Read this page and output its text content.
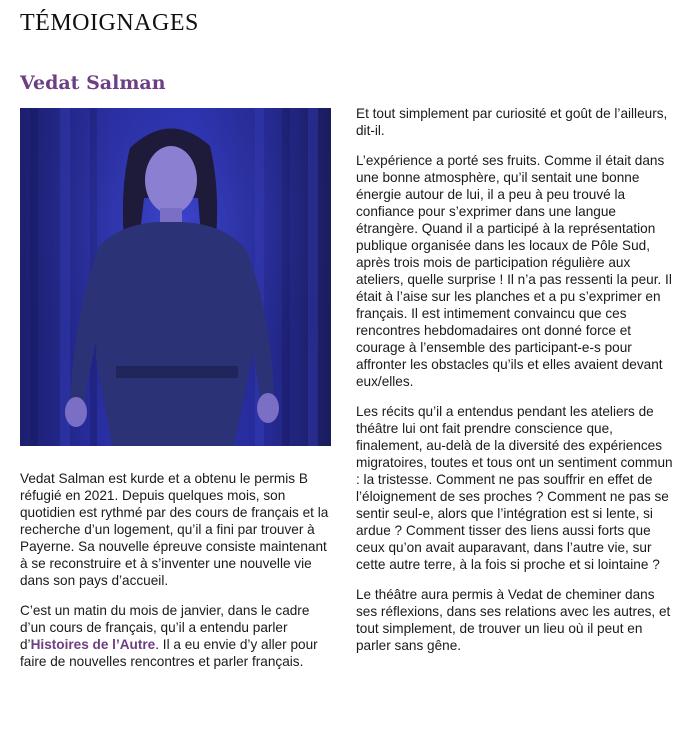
TÉMOIGNAGES
Vedat Salman

Vedat Salman est kurde et a obtenu le permis B réfugié en 2021. Depuis quelques mois, son quotidien est rythmé par des cours de français et la recherche d’un logement, qu’il a fini par trouver à Payerne. Sa nouvelle épreuve consiste maintenant à se reconstruire et à s’inventer une nouvelle vie dans son pays d’accueil.

C’est un matin du mois de janvier, dans le cadre d’un cours de français, qu’il a entendu parler d’Histoires de l’Autre. Il a eu envie d’y aller pour faire de nouvelles rencontres et parler français.

Et tout simplement par curiosité et goût de l’ailleurs, dit-il.

L’expérience a porté ses fruits. Comme il était dans une bonne atmosphère, qu’il sentait une bonne énergie autour de lui, il a peu à peu trouvé la confiance pour s’exprimer dans une langue étrangère. Quand il a participé à la représentation publique organisée dans les locaux de Pôle Sud, après trois mois de participation régulière aux ateliers, quelle surprise ! Il n’a pas ressenti la peur. Il était à l’aise sur les planches et a pu s’exprimer en français. Il est intimement convaincu que ces rencontres hebdomadaires ont donné force et courage à l’ensemble des participant-e-s pour affronter les obstacles qu’ils et elles avaient devant eux/elles.

Les récits qu’il a entendus pendant les ateliers de théâtre lui ont fait prendre conscience que, finalement, au-delà de la diversité des expériences migratoires, toutes et tous ont un sentiment commun : la tristesse. Comment ne pas souffrir en effet de l’éloignement de ses proches ? Comment ne pas se sentir seul-e, alors que l’intégration est si lente, si ardue ? Comment tisser des liens aussi forts que ceux qu’on avait auparavant, dans l’autre vie, sur cette autre terre, à la fois si proche et si lointaine ?

Le théâtre aura permis à Vedat de cheminer dans ses réflexions, dans ses relations avec les autres, et tout simplement, de trouver un lieu où il peut en parler sans gêne.
